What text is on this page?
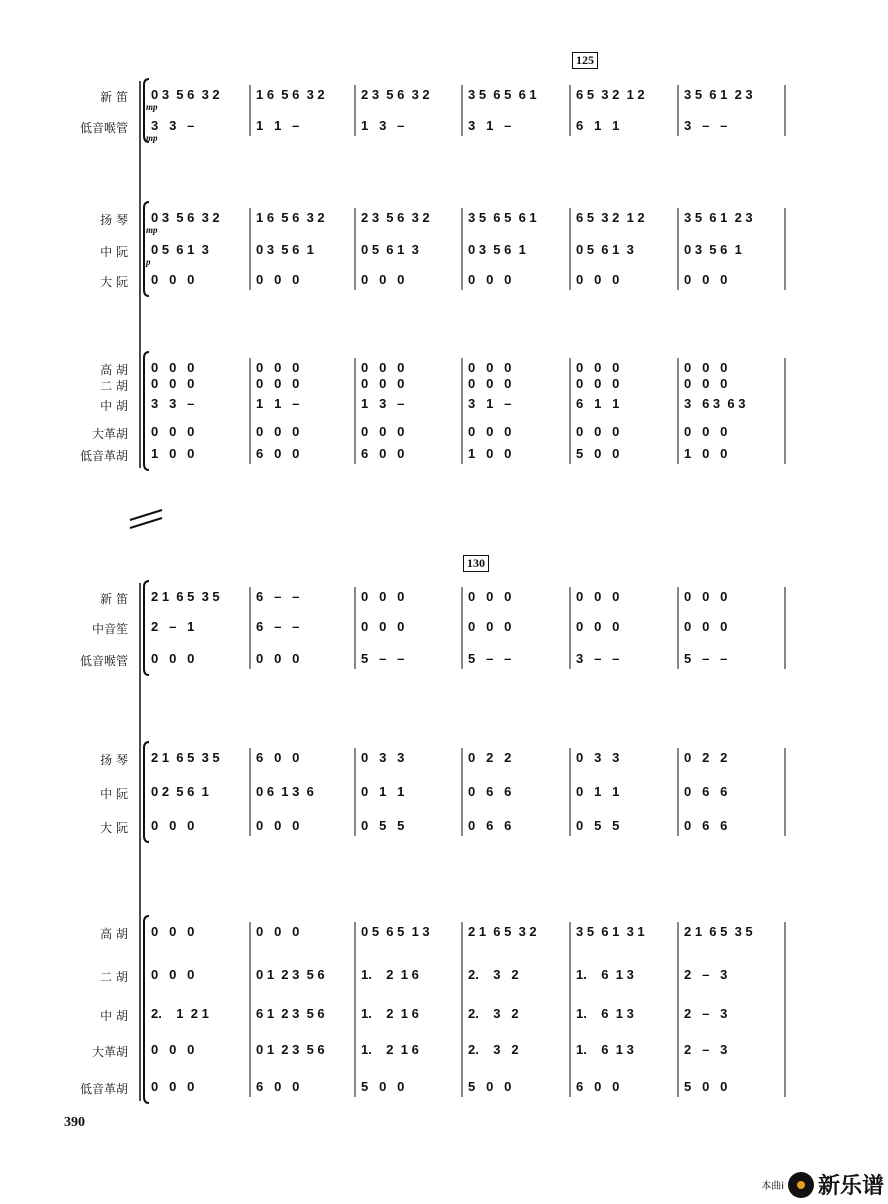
125
新 笛
mp
0 3  5 6  3 2	1 6  5 6  3 2	2 3  5 6  3 2	3 5  6 5  6 1	6 5  3 2  1 2	3 5  6 1  2 3
低音喉管
mp
3   3   –	1   1   –	1   3   –	3   1   –	6   1   1	3   –   –
扬 琴
mp
0 3  5 6  3 2	1 6  5 6  3 2	2 3  5 6  3 2	3 5  6 5  6 1	6 5  3 2  1 2	3 5  6 1  2 3
中 阮
p
0 5  6 1  3	0 3  5 6  1	0 5  6 1  3	0 3  5 6  1	0 5  6 1  3	0 3  5 6  1
大 阮 0   0   0	0   0   0	0   0   0	0   0   0	0   0   0	0   0   0
高 胡 0   0   0	0   0   0	0   0   0	0   0   0	0   0   0	0   0   0
二 胡 0   0   0	0   0   0	0   0   0	0   0   0	0   0   0	0   0   0
中 胡 3   3   –	1   1   –	1   3   –	3   1   –	6   1   1	3   6 3  6 3
大革胡 0   0   0	0   0   0	0   0   0	0   0   0	0   0   0	0   0   0
低音革胡 1   0   0	6   0   0	6   0   0	1   0   0	5   0   0	1   0   0
130
新 笛 2 1  6 5  3 5	6   –   –	0   0   0	0   0   0	0   0   0	0   0   0
中音笙 2   –   1	6   –   –	0   0   0	0   0   0	0   0   0	0   0   0
低音喉管 0   0   0	0   0   0	5   –   –	5   –   –	3   –   –	5   –   –
扬 琴 2 1  6 5  3 5	6   0   0	0   3   3	0   2   2	0   3   3	0   2   2
中 阮 0 2  5 6  1	0 6  1 3  6	0   1   1	0   6   6	0   1   1	0   6   6
大 阮 0   0   0	0   0   0	0   5   5	0   6   6	0   5   5	0   6   6
高 胡 0   0   0	0   0   0	0 5  6 5  1 3	2 1  6 5  3 2	3 5  6 1  3 1	2 1  6 5  3 5
二 胡 0   0   0	0 1  2 3  5 6	1.    2  1 6	2.    3   2	1.    6  1 3	2   –   3
中 胡 2.    1  2 1	6 1  2 3  5 6	1.    2  1 6	2.    3   2	1.    6  1 3	2   –   3
大革胡 0   0   0	0 1  2 3  5 6	1.    2  1 6	2.    3   2	1.    6  1 3	2   –   3
低音革胡 0   0   0	6   0   0	5   0   0	5   0   0	6   0   0	5   0   0
390
本曲i 新乐谱
